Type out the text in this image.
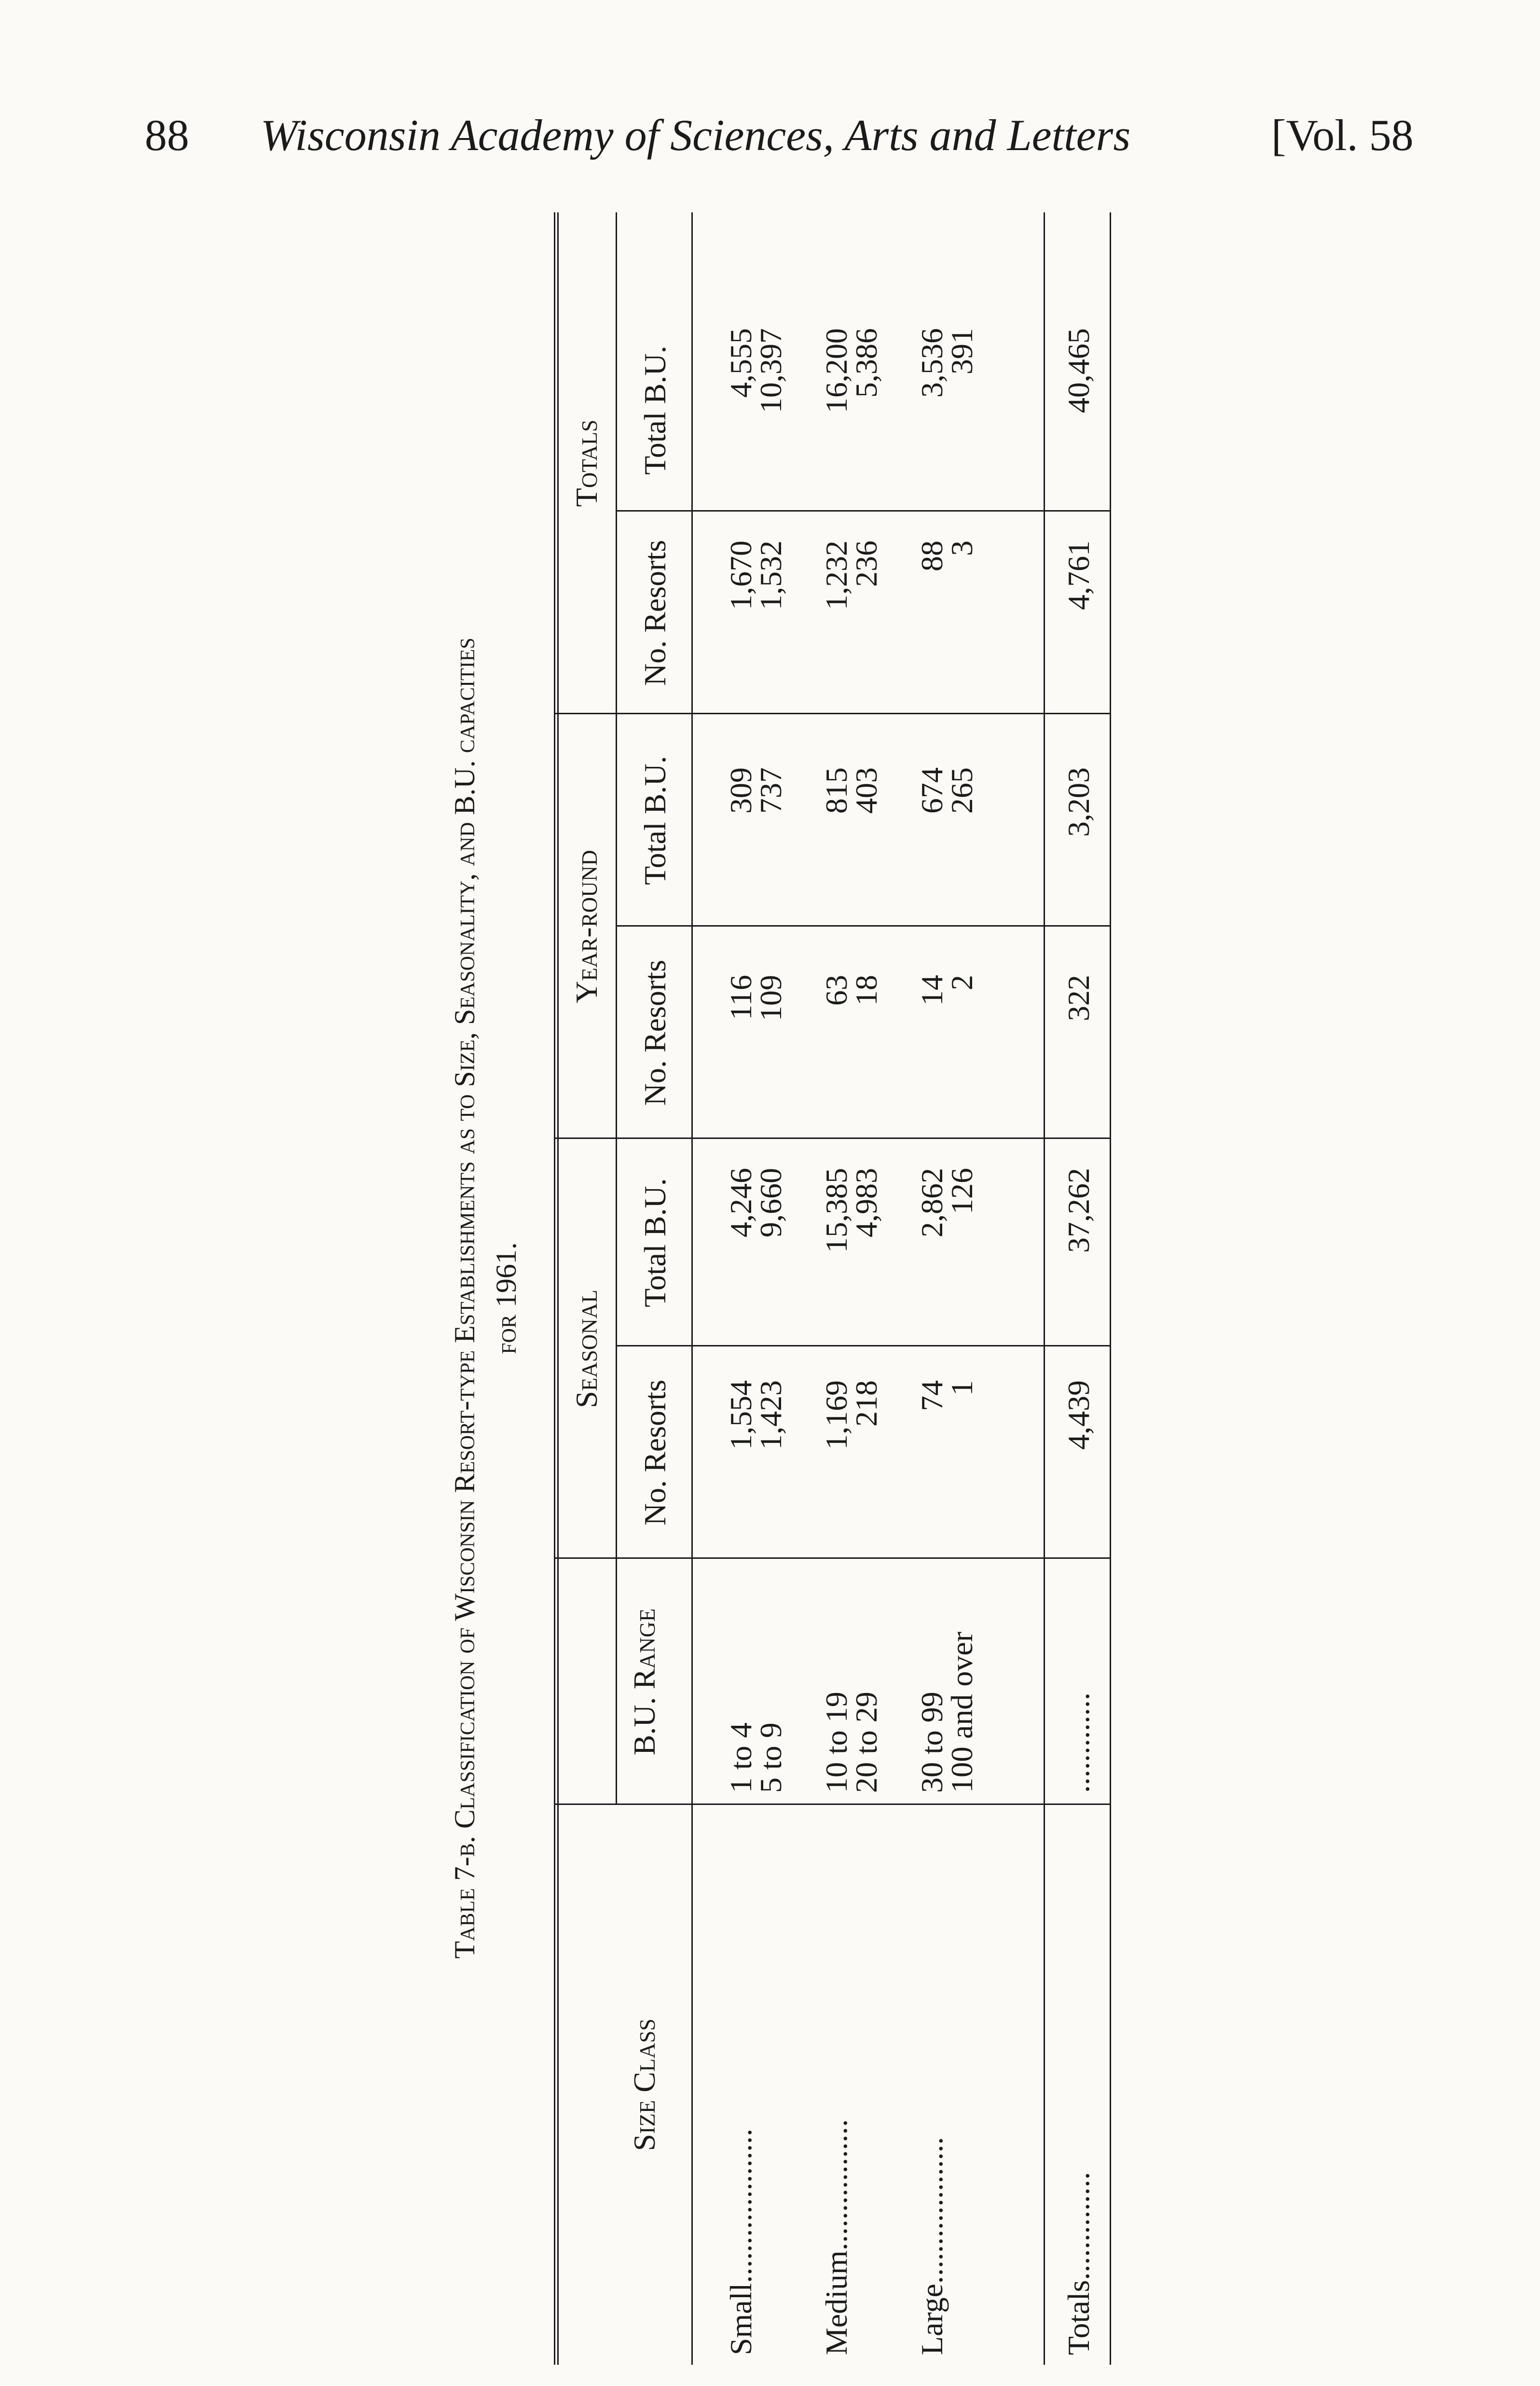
88 Wisconsin Academy of Sciences, Arts and Letters	[Vol. 58
Table 7-b. Classification of Wisconsin Resort-type Establishments as to Size, Seasonality, and B.U. capacities for 1961.
Size Class
B.U. Range
Seasonal
Year-round
Totals
No. Resorts
Total B.U.
No. Resorts
Total B.U.
No. Resorts
Total B.U.
Small....................
1 to 4
5 to 9
1,554
1,423
4,246
9,660
116
109
309
737
1,670
1,532
4,555
10,397
Medium.................
10 to 19
20 to 29
1,169
218
15,385
4,983
63
18
815
403
1,232
236
16,200
5,386
Large...................
30 to 99
100 and over
74
1
2,862
126
14
2
674
265
88
3
3,536
391
Totals..............
.............
4,439
37,262
322
3,203
4,761
40,465
